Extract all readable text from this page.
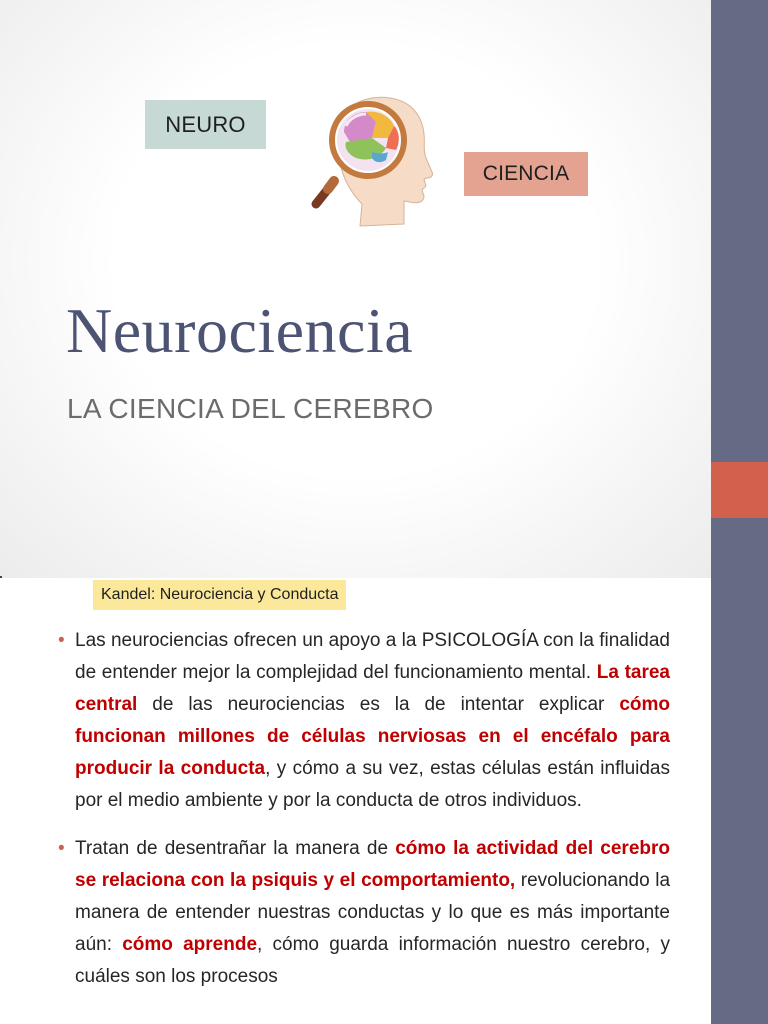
NEURO
CIENCIA
Neurociencia
LA CIENCIA DEL CEREBRO
Kandel: Neurociencia y Conducta
• Las neurociencias ofrecen un apoyo a la PSICOLOGÍA con la finalidad de entender mejor la complejidad del funcionamiento mental. La tarea central de las neurociencias es la de intentar explicar cómo funcionan millones de células nerviosas en el encéfalo para producir la conducta, y cómo a su vez, estas células están influidas por el medio ambiente y por la conducta de otros individuos.
• Tratan de desentrañar la manera de cómo la actividad del cerebro se relaciona con la psiquis y el comportamiento, revolucionando la manera de entender nuestras conductas y lo que es más importante aún: cómo aprende, cómo guarda información nuestro cerebro, y cuáles son los procesos
